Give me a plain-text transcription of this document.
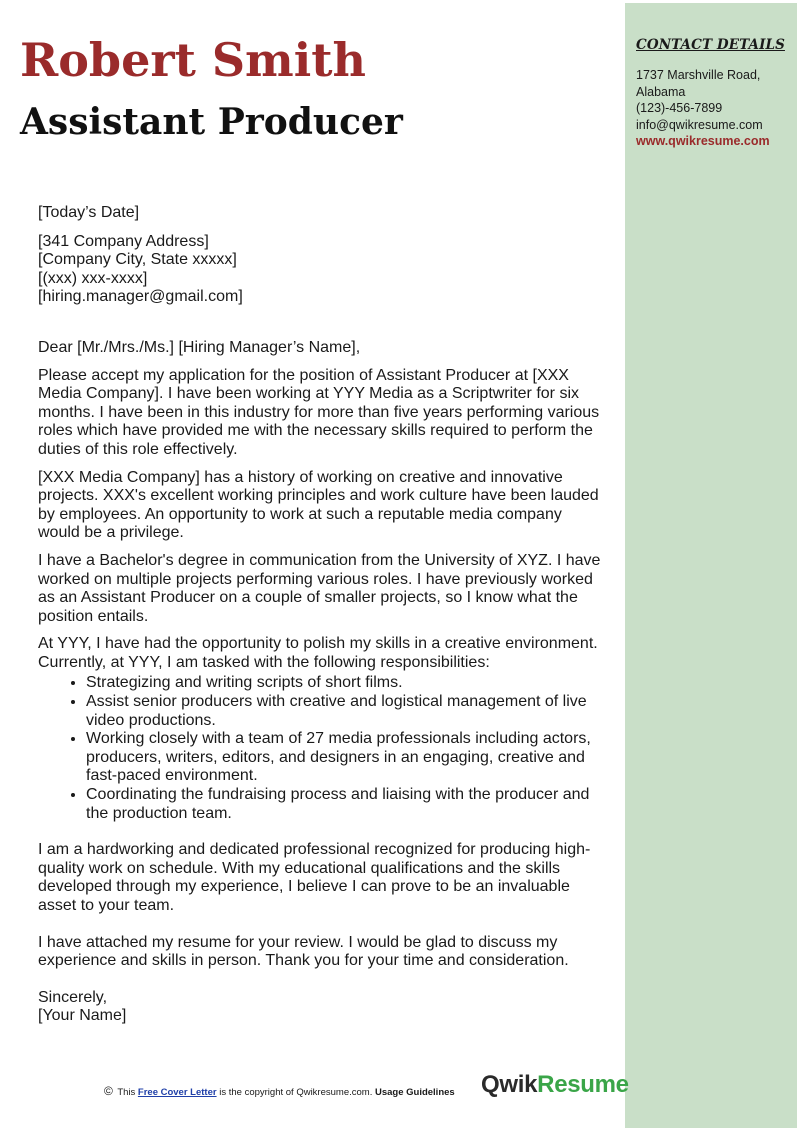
Robert Smith
Assistant Producer
CONTACT DETAILS
1737 Marshville Road,
Alabama
(123)-456-7899
info@qwikresume.com
www.qwikresume.com

[Today’s Date]

[341 Company Address]
[Company City, State xxxxx]
[(xxx) xxx-xxxx]
[hiring.manager@gmail.com]

Dear [Mr./Mrs./Ms.] [Hiring Manager’s Name],

Please accept my application for the position of Assistant Producer at [XXX Media Company]. I have been working at YYY Media as a Scriptwriter for six months. I have been in this industry for more than five years performing various roles which have provided me with the necessary skills required to perform the duties of this role effectively.

[XXX Media Company] has a history of working on creative and innovative projects. XXX's excellent working principles and work culture have been lauded by employees. An opportunity to work at such a reputable media company would be a privilege.

I have a Bachelor's degree in communication from the University of XYZ. I have worked on multiple projects performing various roles. I have previously worked as an Assistant Producer on a couple of smaller projects, so I know what the position entails.

At YYY, I have had the opportunity to polish my skills in a creative environment. Currently, at YYY, I am tasked with the following responsibilities:

• Strategizing and writing scripts of short films.
• Assist senior producers with creative and logistical management of live video productions.
• Working closely with a team of 27 media professionals including actors, producers, writers, editors, and designers in an engaging, creative and fast-paced environment.
• Coordinating the fundraising process and liaising with the producer and the production team.

I am a hardworking and dedicated professional recognized for producing high-quality work on schedule. With my educational qualifications and the skills developed through my experience, I believe I can prove to be an invaluable asset to your team.

I have attached my resume for your review. I would be glad to discuss my experience and skills in person. Thank you for your time and consideration.

Sincerely,
[Your Name]

© This Free Cover Letter is the copyright of Qwikresume.com. Usage Guidelines QwikResume
